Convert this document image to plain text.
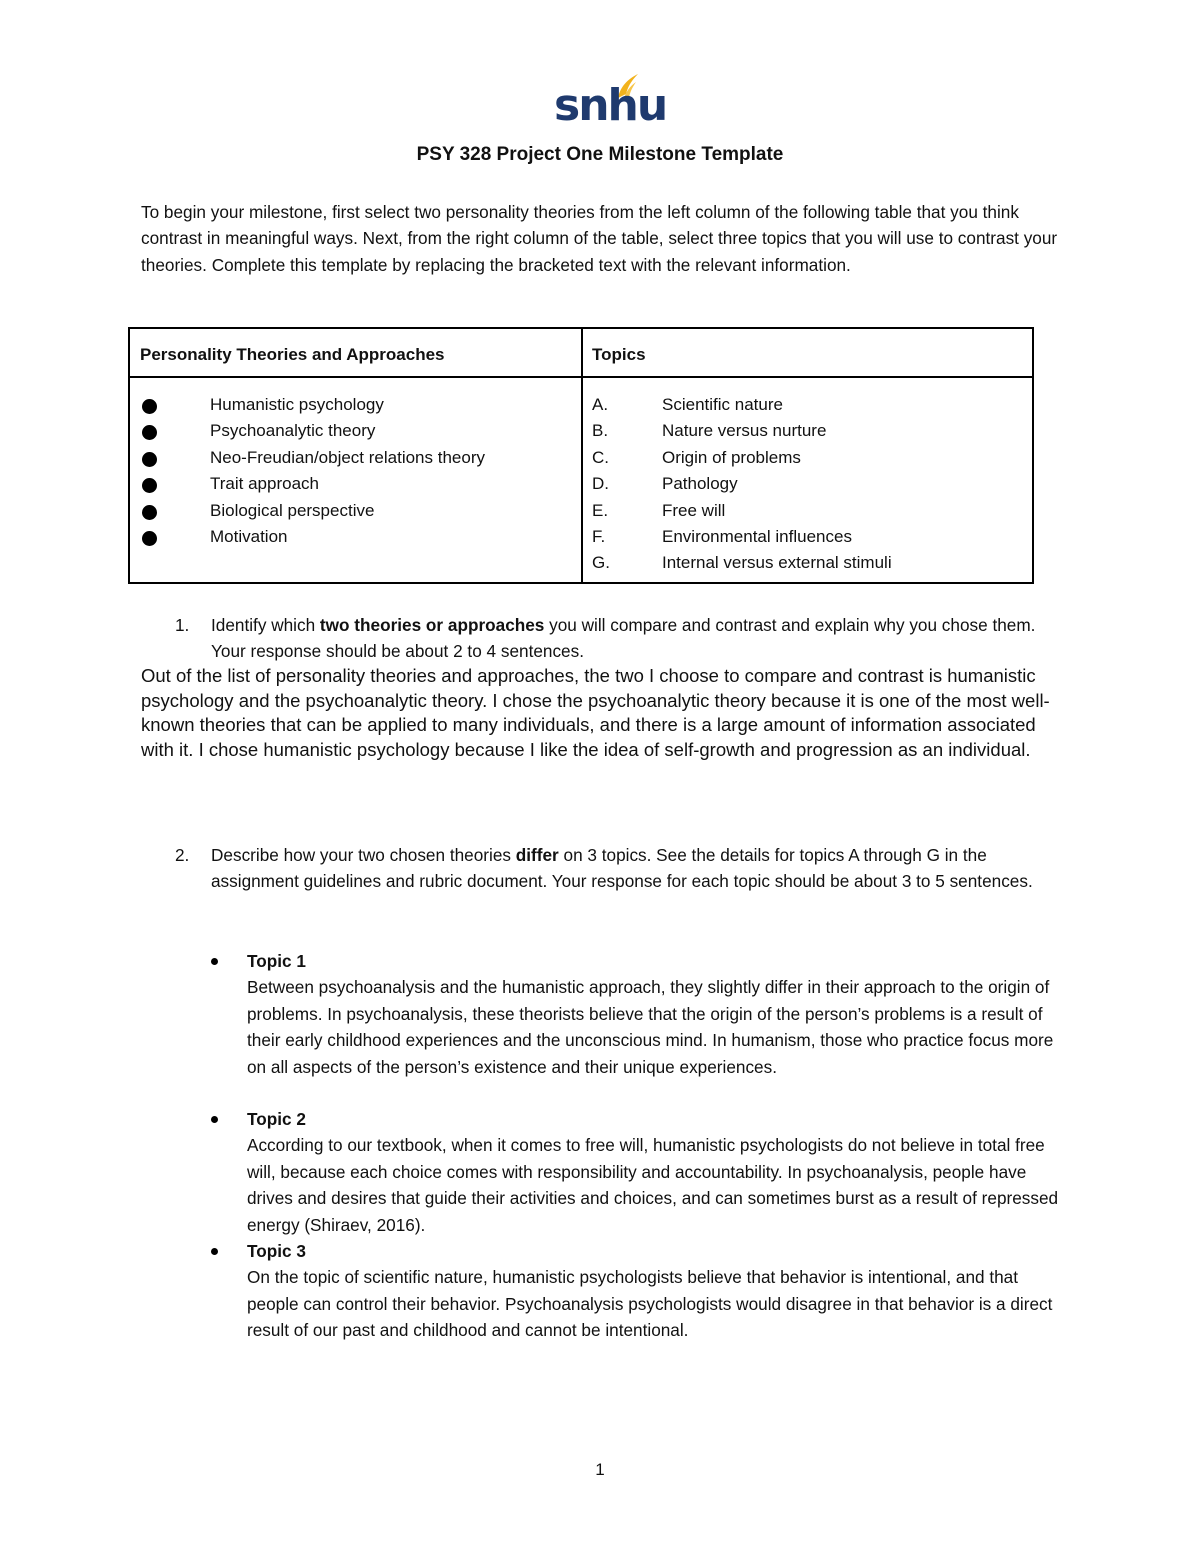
snhu
PSY 328 Project One Milestone Template
To begin your milestone, first select two personality theories from the left column of the following table that you think contrast in meaningful ways. Next, from the right column of the table, select three topics that you will use to contrast your theories. Complete this template by replacing the bracketed text with the relevant information.
Personality Theories and Approaches	Topics
Humanistic psychology
Psychoanalytic theory
Neo-Freudian/object relations theory
Trait approach
Biological perspective
Motivation
A.	Scientific nature
B.	Nature versus nurture
C.	Origin of problems
D.	Pathology
E.	Free will
F.	Environmental influences
G.	Internal versus external stimuli
1. Identify which two theories or approaches you will compare and contrast and explain why you chose them. Your response should be about 2 to 4 sentences.
Out of the list of personality theories and approaches, the two I choose to compare and contrast is humanistic psychology and the psychoanalytic theory. I chose the psychoanalytic theory because it is one of the most well-known theories that can be applied to many individuals, and there is a large amount of information associated with it. I chose humanistic psychology because I like the idea of self-growth and progression as an individual.
2. Describe how your two chosen theories differ on 3 topics. See the details for topics A through G in the assignment guidelines and rubric document. Your response for each topic should be about 3 to 5 sentences.
Topic 1
Between psychoanalysis and the humanistic approach, they slightly differ in their approach to the origin of problems. In psychoanalysis, these theorists believe that the origin of the person’s problems is a result of their early childhood experiences and the unconscious mind. In humanism, those who practice focus more on all aspects of the person’s existence and their unique experiences.
Topic 2
According to our textbook, when it comes to free will, humanistic psychologists do not believe in total free will, because each choice comes with responsibility and accountability. In psychoanalysis, people have drives and desires that guide their activities and choices, and can sometimes burst as a result of repressed energy (Shiraev, 2016).
Topic 3
On the topic of scientific nature, humanistic psychologists believe that behavior is intentional, and that people can control their behavior. Psychoanalysis psychologists would disagree in that behavior is a direct result of our past and childhood and cannot be intentional.
1
